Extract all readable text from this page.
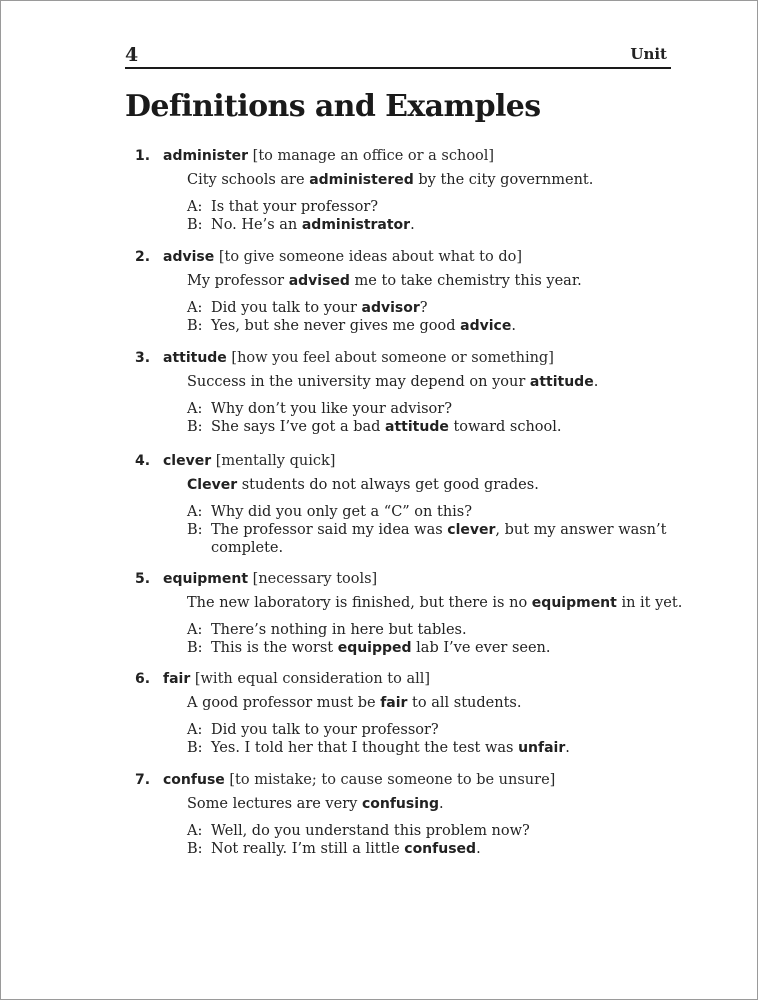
4	Unit
Definitions and Examples
1. administer [to manage an office or a school]
City schools are administered by the city government.
A: Is that your professor?
B: No. He’s an administrator.
2. advise [to give someone ideas about what to do]
My professor advised me to take chemistry this year.
A: Did you talk to your advisor?
B: Yes, but she never gives me good advice.
3. attitude [how you feel about someone or something]
Success in the university may depend on your attitude.
A: Why don’t you like your advisor?
B: She says I’ve got a bad attitude toward school.
4. clever [mentally quick]
Clever students do not always get good grades.
A: Why did you only get a “C” on this?
B: The professor said my idea was clever, but my answer wasn’t
complete.
5. equipment [necessary tools]
The new laboratory is finished, but there is no equipment in it yet.
A: There’s nothing in here but tables.
B: This is the worst equipped lab I’ve ever seen.
6. fair [with equal consideration to all]
A good professor must be fair to all students.
A: Did you talk to your professor?
B: Yes. I told her that I thought the test was unfair.
7. confuse [to mistake; to cause someone to be unsure]
Some lectures are very confusing.
A: Well, do you understand this problem now?
B: Not really. I’m still a little confused.
